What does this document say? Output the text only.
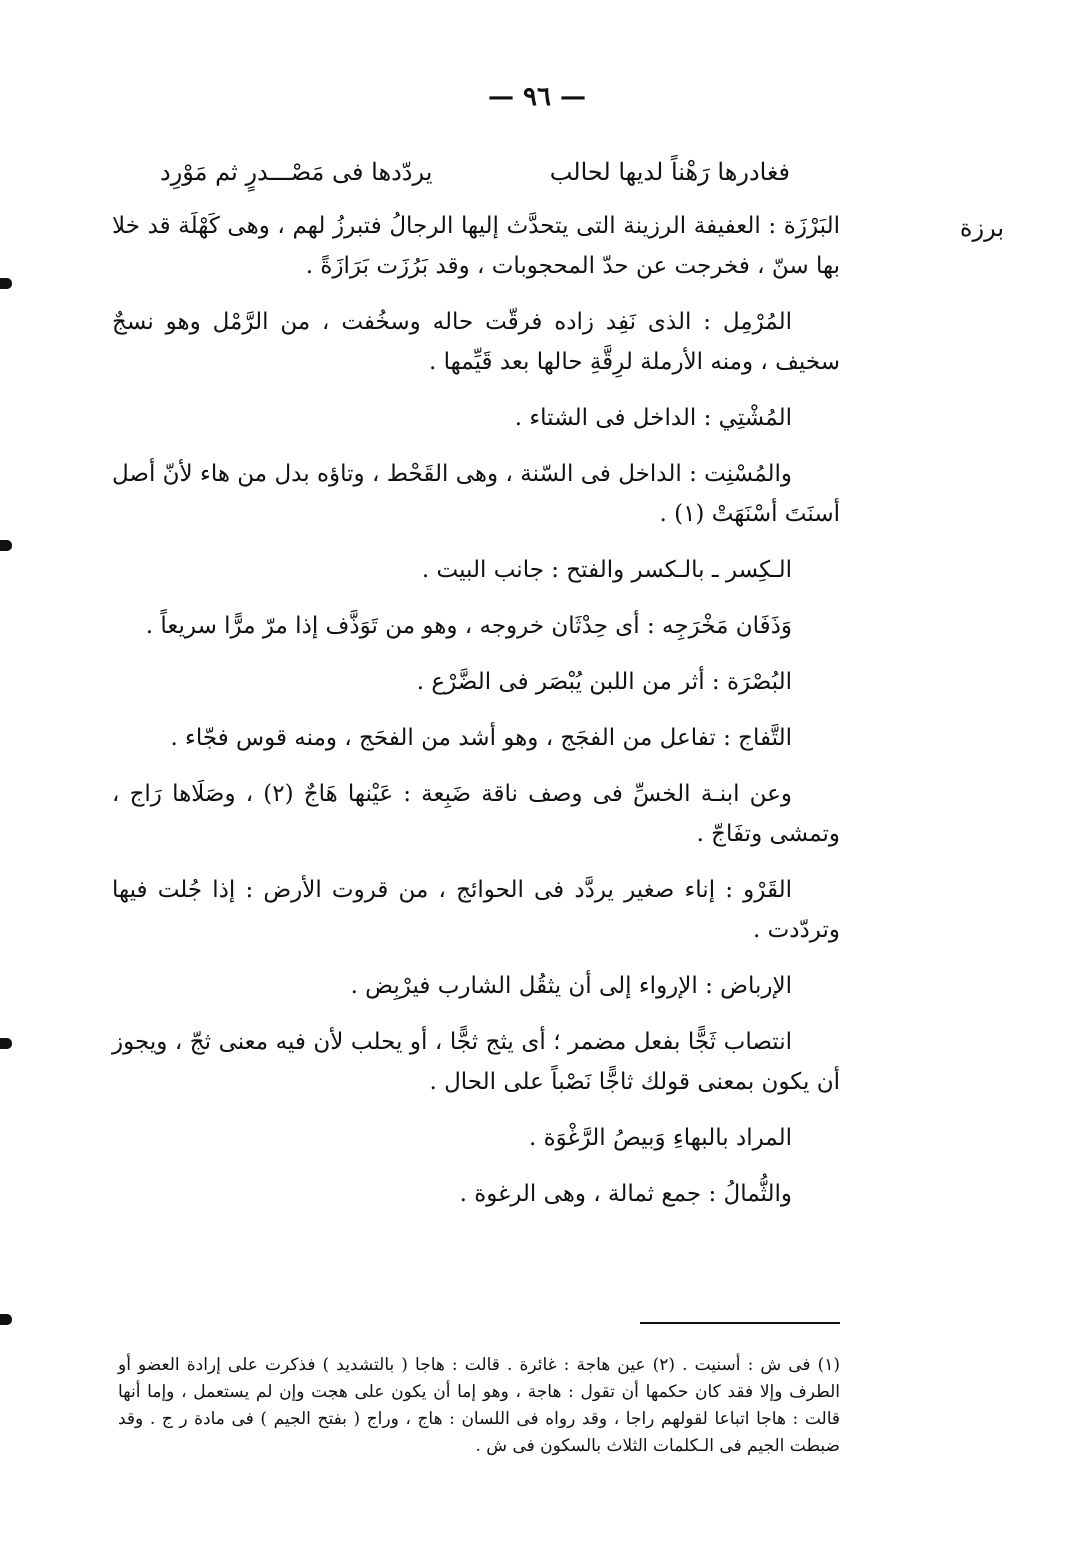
— ٩٦ —
فغادرها رَهْناً لديها لحالب
يردّدها فى مَصْـــدرٍ ثم مَوْرِد
برزة

البَرْزَة : العفيفة الرزينة التى يتحدَّث إليها الرجالُ فتبرزُ لهم ، وهى كَهْلَة قد خلا بها سنّ ، فخرجت عن حدّ المحجوبات ، وقد بَرُزَت بَرَازَةً .

المُرْمِل : الذى نَفِد زاده فرقّت حاله وسخُفت ، من الرَّمْل وهو نسجٌ سخيف ، ومنه الأرملة لرِقَّةِ حالها بعد قَيِّمها .

المُشْتِي : الداخل فى الشتاء .

والمُسْنِت : الداخل فى السّنة ، وهى القَحْط ، وتاؤه بدل من هاء لأنّ أصل أسنَتَ أسْنَهَتْ (١) .

الـكِسر ـ بالـكسر والفتح : جانب البيت .

وَذَفَان مَخْرَجِه : أى حِدْثَان خروجه ، وهو من تَوَذَّف إذا مرّ مرًّا سريعاً .

البُصْرَة : أثر من اللبن يُبْصَر فى الضَّرْع .

التَّفاج : تفاعل من الفجَج ، وهو أشد من الفحَج ، ومنه قوس فجّاء .

وعن ابنـة الخسِّ فى وصف ناقة ضَبِعة : عَيْنها هَاجٌ (٢) ، وصَلَاها رَاج ، وتمشى وتفَاجّ .

القَرْو : إناء صغير يردَّد فى الحوائج ، من قروت الأرض : إذا جُلت فيها وتردّدت .

الإرباض : الإرواء إلى أن يثقُل الشارب فيرْبِض .

انتصاب ثَجًّا بفعل مضمر ؛ أى يثج ثجًّا ، أو يحلب لأن فيه معنى ثجّ ، ويجوز أن يكون بمعنى قولك ثاجًّا نَصْباً على الحال .

المراد بالبهاءِ وَبيصُ الرَّغْوَة .

والثُّمالُ : جمع ثمالة ، وهى الرغوة .

(١) فى ش : أسنيت . (٢) عين هاجة : غائرة . قالت : هاجا ( بالتشديد ) فذكرت على إرادة العضو أو الطرف وإلا فقد كان حكمها أن تقول : هاجة ، وهو إما أن يكون على هجت وإن لم يستعمل ، وإما أنها قالت : هاجا اتباعا لقولهم راجا ، وقد رواه فى اللسان : هاج ، وراج ( بفتح الجيم ) فى مادة ر ج . وقد ضبطت الجيم فى الـكلمات الثلاث بالسكون فى ش .
